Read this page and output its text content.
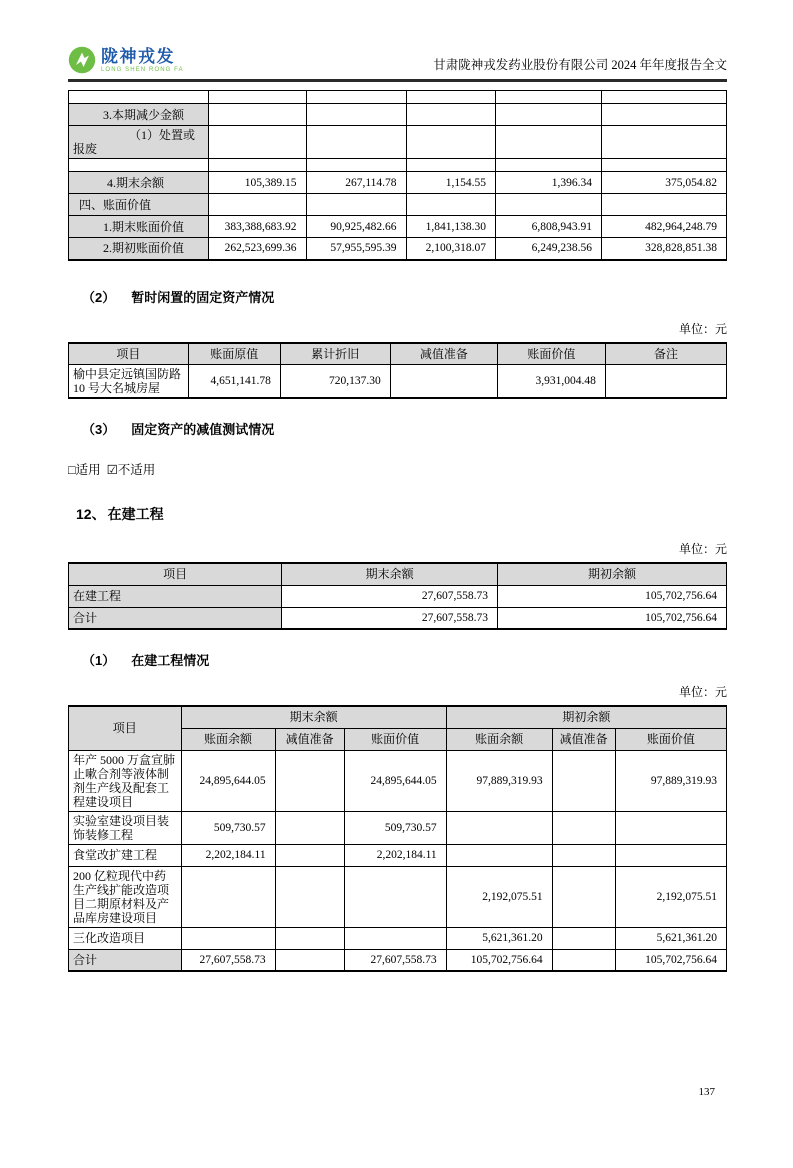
陇神戎发
LONG SHEN RONG FA	甘肃陇神戎发药业股份有限公司 2024 年年度报告全文

3.本期减少金额					
（1）处置或报废					

4.期末余额	105,389.15	267,114.78	1,154.55	1,396.34	375,054.82
四、账面价值					
1.期末账面价值	383,388,683.92	90,925,482.66	1,841,138.30	6,808,943.91	482,964,248.79
2.期初账面价值	262,523,699.36	57,955,595.39	2,100,318.07	6,249,238.56	328,828,851.38
（2） 暂时闲置的固定资产情况
单位：元
项目	账面原值	累计折旧	减值准备	账面价值	备注
榆中县定远镇国防路 10 号大名城房屋	4,651,141.78	720,137.30		3,931,004.48	
（3） 固定资产的减值测试情况
□适用 ☑不适用
12、 在建工程
单位：元
项目	期末余额	期初余额
在建工程	27,607,558.73	105,702,756.64
合计	27,607,558.73	105,702,756.64
（1） 在建工程情况
单位：元
项目	期末余额			期初余额		
	账面余额	减值准备	账面价值	账面余额	减值准备	账面价值
年产 5000 万盒宣肺止嗽合剂等液体制剂生产线及配套工程建设项目	24,895,644.05		24,895,644.05	97,889,319.93		97,889,319.93
实验室建设项目装饰装修工程	509,730.57		509,730.57			
食堂改扩建工程	2,202,184.11		2,202,184.11			
200 亿粒现代中药生产线扩能改造项目二期原材料及产品库房建设项目				2,192,075.51		2,192,075.51
三化改造项目				5,621,361.20		5,621,361.20
合计	27,607,558.73		27,607,558.73	105,702,756.64		105,702,756.64
137
